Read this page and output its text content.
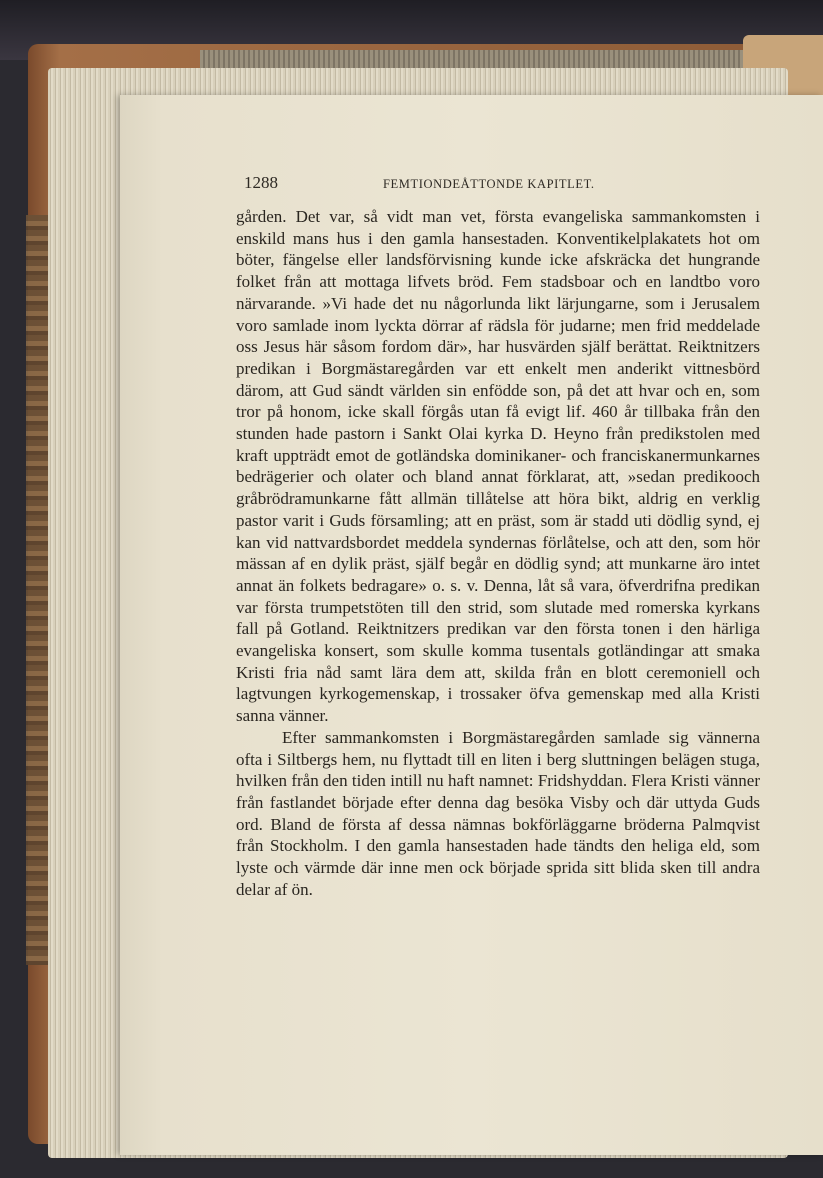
1288	FEMTIONDEÅTTONDE KAPITLET.

gården. Det var, så vidt man vet, första evangeliska sammankomsten i enskild mans hus i den gamla hansestaden. Konventikelplakatets hot om böter, fängelse eller landsförvisning kunde icke afskräcka det hungrande folket från att mottaga lifvets bröd. Fem stadsboar och en landtbo voro närvarande. »Vi hade det nu någorlunda likt lärjungarne, som i Jerusalem voro samlade inom lyckta dörrar af rädsla för judarne; men frid meddelade oss Jesus här såsom fordom där», har husvärden själf berättat. Reiktnitzers predikan i Borgmästaregården var ett enkelt men anderikt vittnesbörd därom, att Gud sändt världen sin enfödde son, på det att hvar och en, som tror på honom, icke skall förgås utan få evigt lif. 460 år tillbaka från den stunden hade pastorn i Sankt Olai kyrka D. Heyno från predikstolen med kraft uppträdt emot de gotländska dominikaner- och franciskanermunkarnes bedrägerier och olater och bland annat förklarat, att, »sedan predikooch gråbrödramunkarne fått allmän tillåtelse att höra bikt, aldrig en verklig pastor varit i Guds församling; att en präst, som är stadd uti dödlig synd, ej kan vid nattvardsbordet meddela syndernas förlåtelse, och att den, som hör mässan af en dylik präst, själf begår en dödlig synd; att munkarne äro intet annat än folkets bedragare» o. s. v. Denna, låt så vara, öfverdrifna predikan var första trumpetstöten till den strid, som slutade med romerska kyrkans fall på Gotland. Reiktnitzers predikan var den första tonen i den härliga evangeliska konsert, som skulle komma tusentals gotländingar att smaka Kristi fria nåd samt lära dem att, skilda från en blott ceremoniell och lagtvungen kyrkogemenskap, i trossaker öfva gemenskap med alla Kristi sanna vänner.

Efter sammankomsten i Borgmästaregården samlade sig vännerna ofta i Siltbergs hem, nu flyttadt till en liten i berg sluttningen belägen stuga, hvilken från den tiden intill nu haft namnet: Fridshyddan. Flera Kristi vänner från fastlandet började efter denna dag besöka Visby och där uttyda Guds ord. Bland de första af dessa nämnas bokförläggarne bröderna Palmqvist från Stockholm. I den gamla hansestaden hade tändts den heliga eld, som lyste och värmde där inne men ock började sprida sitt blida sken till andra delar af ön.
